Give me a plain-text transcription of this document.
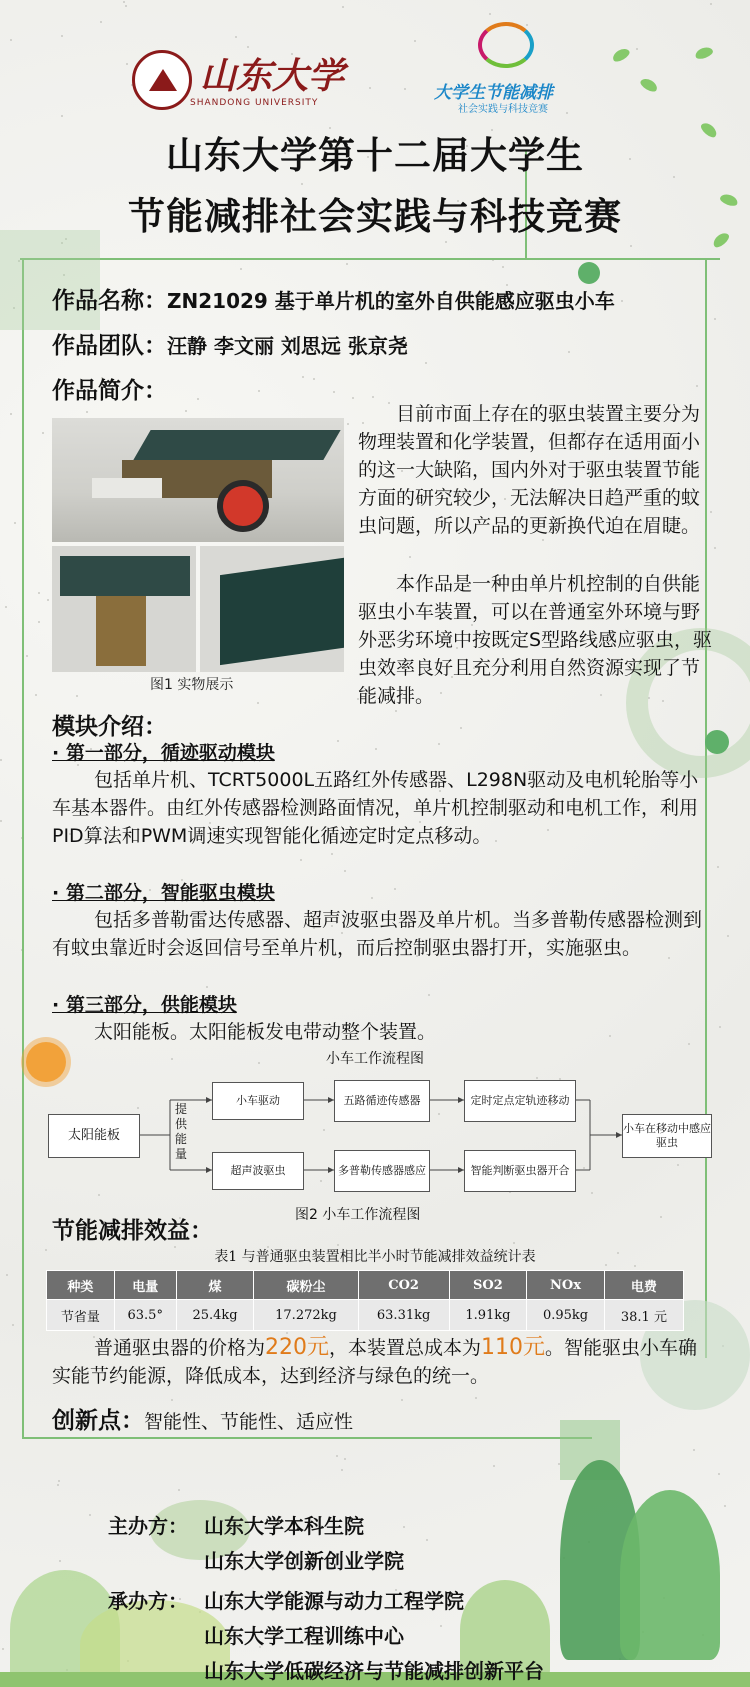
山东大学
SHANDONG UNIVERSITY	大学生节能减排
社会实践与科技竞赛
山东大学第十二届大学生
节能减排社会实践与科技竞赛
作品名称：ZN21029 基于单片机的室外自供能感应驱虫小车
作品团队：汪静 李文丽 刘思远 张京尧
作品简介：
图1 实物展示
目前市面上存在的驱虫装置主要分为物理装置和化学装置，但都存在适用面小的这一大缺陷，国内外对于驱虫装置节能方面的研究较少，无法解决日趋严重的蚊虫问题，所以产品的更新换代迫在眉睫。
本作品是一种由单片机控制的自供能驱虫小车装置，可以在普通室外环境与野外恶劣环境中按既定S型路线感应驱虫，驱虫效率良好且充分利用自然资源实现了节能减排。
模块介绍：
· 第一部分，循迹驱动模块
包括单片机、TCRT5000L五路红外传感器、L298N驱动及电机轮胎等小车基本器件。由红外传感器检测路面情况，单片机控制驱动和电机工作，利用PID算法和PWM调速实现智能化循迹定时定点移动。
· 第二部分，智能驱虫模块
包括多普勒雷达传感器、超声波驱虫器及单片机。当多普勒传感器检测到有蚊虫靠近时会返回信号至单片机，而后控制驱虫器打开，实施驱虫。
· 第三部分，供能模块
太阳能板。太阳能板发电带动整个装置。
小车工作流程图
太阳能板
提供能量
小车驱动	五路循迹传感器	定时定点定轨迹移动
超声波驱虫	多普勒传感器感应	智能判断驱虫器开合
小车在移动中感应驱虫
图2 小车工作流程图
节能减排效益：
表1 与普通驱虫装置相比半小时节能减排效益统计表
种类	电量	煤	碳粉尘	CO2	SO2	NOx	电费
节省量	63.5°	25.4kg	17.272kg	63.31kg	1.91kg	0.95kg	38.1 元
普通驱虫器的价格为220元，本装置总成本为110元。智能驱虫小车确实能节约能源，降低成本，达到经济与绿色的统一。
创新点：智能性、节能性、适应性
主办方： 山东大学本科生院
山东大学创新创业学院
承办方： 山东大学能源与动力工程学院
山东大学工程训练中心
山东大学低碳经济与节能减排创新平台
